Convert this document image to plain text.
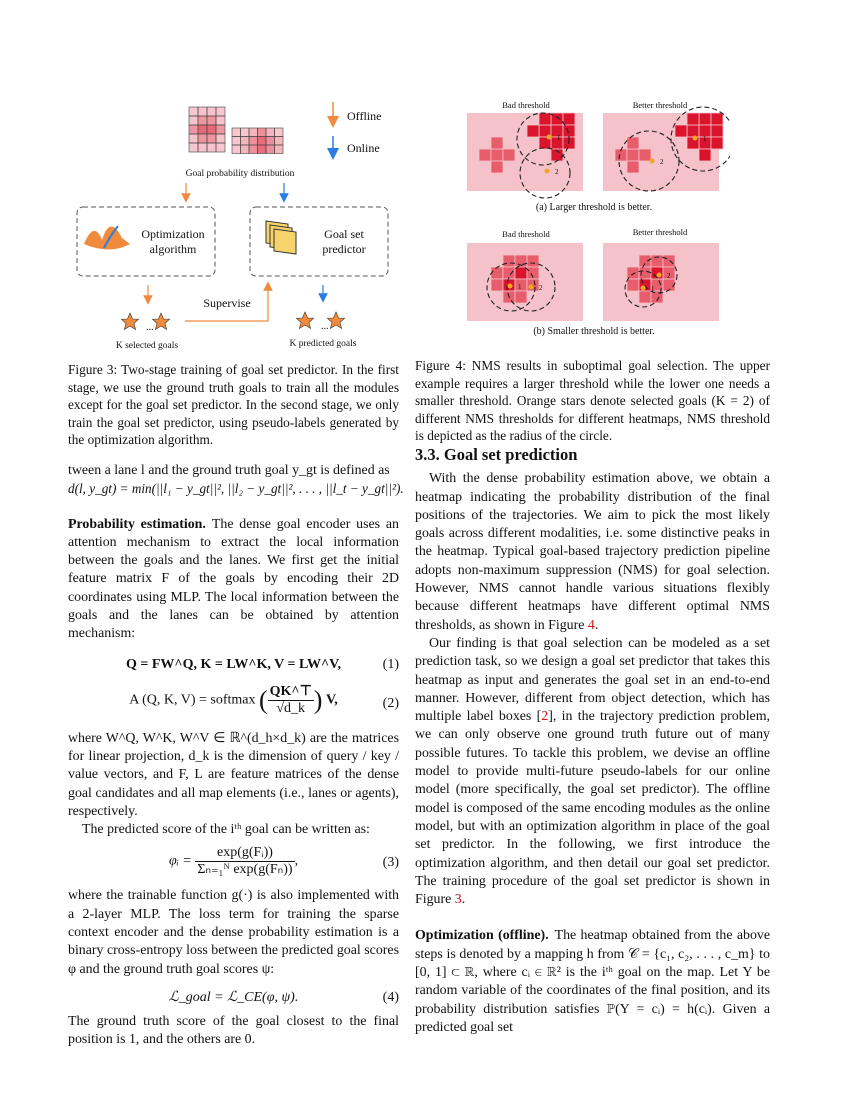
Offline
Online
Goal probability distribution
Optimization
algorithm
Goal set
predictor
Supervise
...	...
K selected goals	K predicted goals
Figure 3: Two-stage training of goal set predictor. In the first stage, we use the ground truth goals to train all the modules except for the goal set predictor. In the second stage, we only train the goal set predictor, using pseudo-labels generated by the optimization algorithm.
Bad threshold	Better threshold
1
2
1
2
(a) Larger threshold is better.
Bad threshold	Better threshold
1	2	1
2
(b) Smaller threshold is better.
Figure 4: NMS results in suboptimal goal selection. The upper example requires a larger threshold while the lower one needs a smaller threshold. Orange stars denote selected goals (K = 2) of different NMS thresholds for different heatmaps, NMS threshold is depicted as the radius of the circle.

tween a lane l and the ground truth goal y_gt is defined as

d(l, y_gt) = min(||l₁ − y_gt||², ||l₂ − y_gt||², . . . , ||l_t − y_gt||²).

Probability estimation. The dense goal encoder uses an attention mechanism to extract the local information between the goals and the lanes. We first get the initial feature matrix F of the goals by encoding their 2D coordinates using MLP. The local information between the goals and the lanes can be obtained by attention mechanism:

Q = FW^Q, K = LW^K, V = LW^V,	(1)
A (Q, K, V) = softmax ( $\frac{QK\^{}⊤}{√d\_k}$ ) V,	(2)

where W^Q, W^K, W^V ∈ ℝ^(d_h×d_k) are the matrices for linear projection, d_k is the dimension of query / key / value vectors, and F, L are feature matrices of the dense goal candidates and all map elements (i.e., lanes or agents), respectively.

The predicted score of the iᵗʰ goal can be written as:

φᵢ = $\frac{\text{exp(g(Fᵢ))}}{\text{Σₙ₌₁ᴺ exp(g(Fₙ))}}$ ,	(3)

where the trainable function g(·) is also implemented with a 2-layer MLP. The loss term for training the sparse context encoder and the dense probability estimation is a binary cross-entropy loss between the predicted goal scores φ and the ground truth goal scores ψ:

ℒ_goal = ℒ_CE(φ, ψ).	(4)

The ground truth score of the goal closest to the final position is 1, and the others are 0.

3.3. Goal set prediction

With the dense probability estimation above, we obtain a heatmap indicating the probability distribution of the final positions of the trajectories. We aim to pick the most likely goals across different modalities, i.e. some distinctive peaks in the heatmap. Typical goal-based trajectory prediction pipeline adopts non-maximum suppression (NMS) for goal selection. However, NMS cannot handle various situations flexibly because different heatmaps have different optimal NMS thresholds, as shown in Figure 4.

Our finding is that goal selection can be modeled as a set prediction task, so we design a goal set predictor that takes this heatmap as input and generates the goal set in an end-to-end manner. However, different from object detection, which has multiple label boxes [2], in the trajectory prediction problem, we can only observe one ground truth future out of many possible futures. To tackle this problem, we devise an offline model to provide multi-future pseudo-labels for our online model (more specifically, the goal set predictor). The offline model is composed of the same encoding modules as the online model, but with an optimization algorithm in place of the goal set predictor. In the following, we first introduce the optimization algorithm, and then detail our goal set predictor. The training procedure of the goal set predictor is shown in Figure 3.

Optimization (offline). The heatmap obtained from the above steps is denoted by a mapping h from 𝒞 = {c₁, c₂, . . . , c_m} to [0, 1] ⊂ ℝ, where cᵢ ∈ ℝ² is the iᵗʰ goal on the map. Let Y be random variable of the coordinates of the final position, and its probability distribution satisfies ℙ(Y = cᵢ) = h(cᵢ). Given a predicted goal set
